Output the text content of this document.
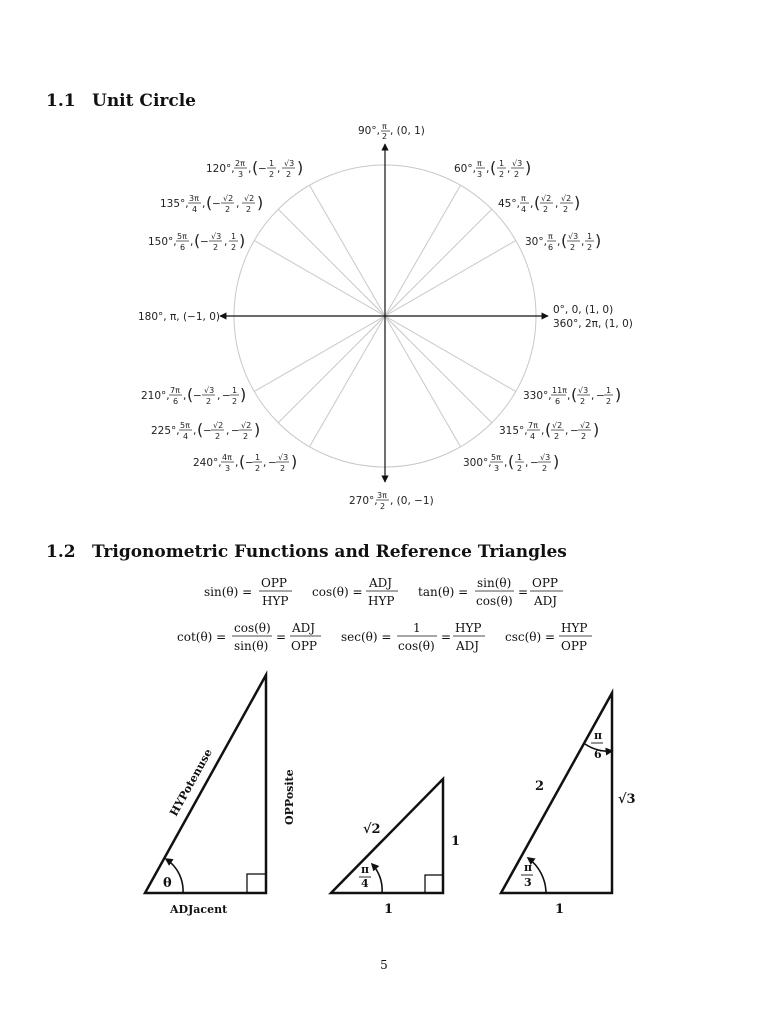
1.1 Unit Circle
1.2 Trigonometric Functions and Reference Triangles
90°, π
2 , (0, 1)
60°, π
3 , ( 1
2 , √3
2 )
45°, π
4 , ( √2
2 , √2
2 )
30°, π
6 , ( √3
2 , 1
2 )
0°, 0, (1, 0)
360°, 2π, (1, 0)
330°, 11π
6 , ( √3
2 , − 1
2 )
315°, 7π
4 , ( √2
2 , − √2
2 )
300°, 5π
3 , ( 1
2 , − √3
2 )
270°, 3π
2 , (0, −1)
240°, 4π
3 , ( − 1
2 , − √3
2 )
225°, 5π
4 , ( − √2
2 , − √2
2 )
210°, 7π
6 , ( − √3
2 , − 1
2 )
180°, π, (−1, 0)
150°, 5π
6 , ( − √3
2 , 1
2 )
135°, 3π
4 , ( − √2
2 , √2
2 )
120°, 2π
3 , ( − 1
2 , √3
2 )
sin(θ) =
OPP
HYP
cos(θ) =
ADJ
HYP
tan(θ) =
sin(θ)
cos(θ)
=
OPP
ADJ
cot(θ) =
cos(θ)
sin(θ)
=
ADJ
OPP
sec(θ) =
1
cos(θ)
=
HYP
ADJ
csc(θ) =
HYP
OPP
θ
ADJacent
HYPotenuse	OPPosite
π
4
√2
1
1
π
3
π
6
2
√3
1
5
